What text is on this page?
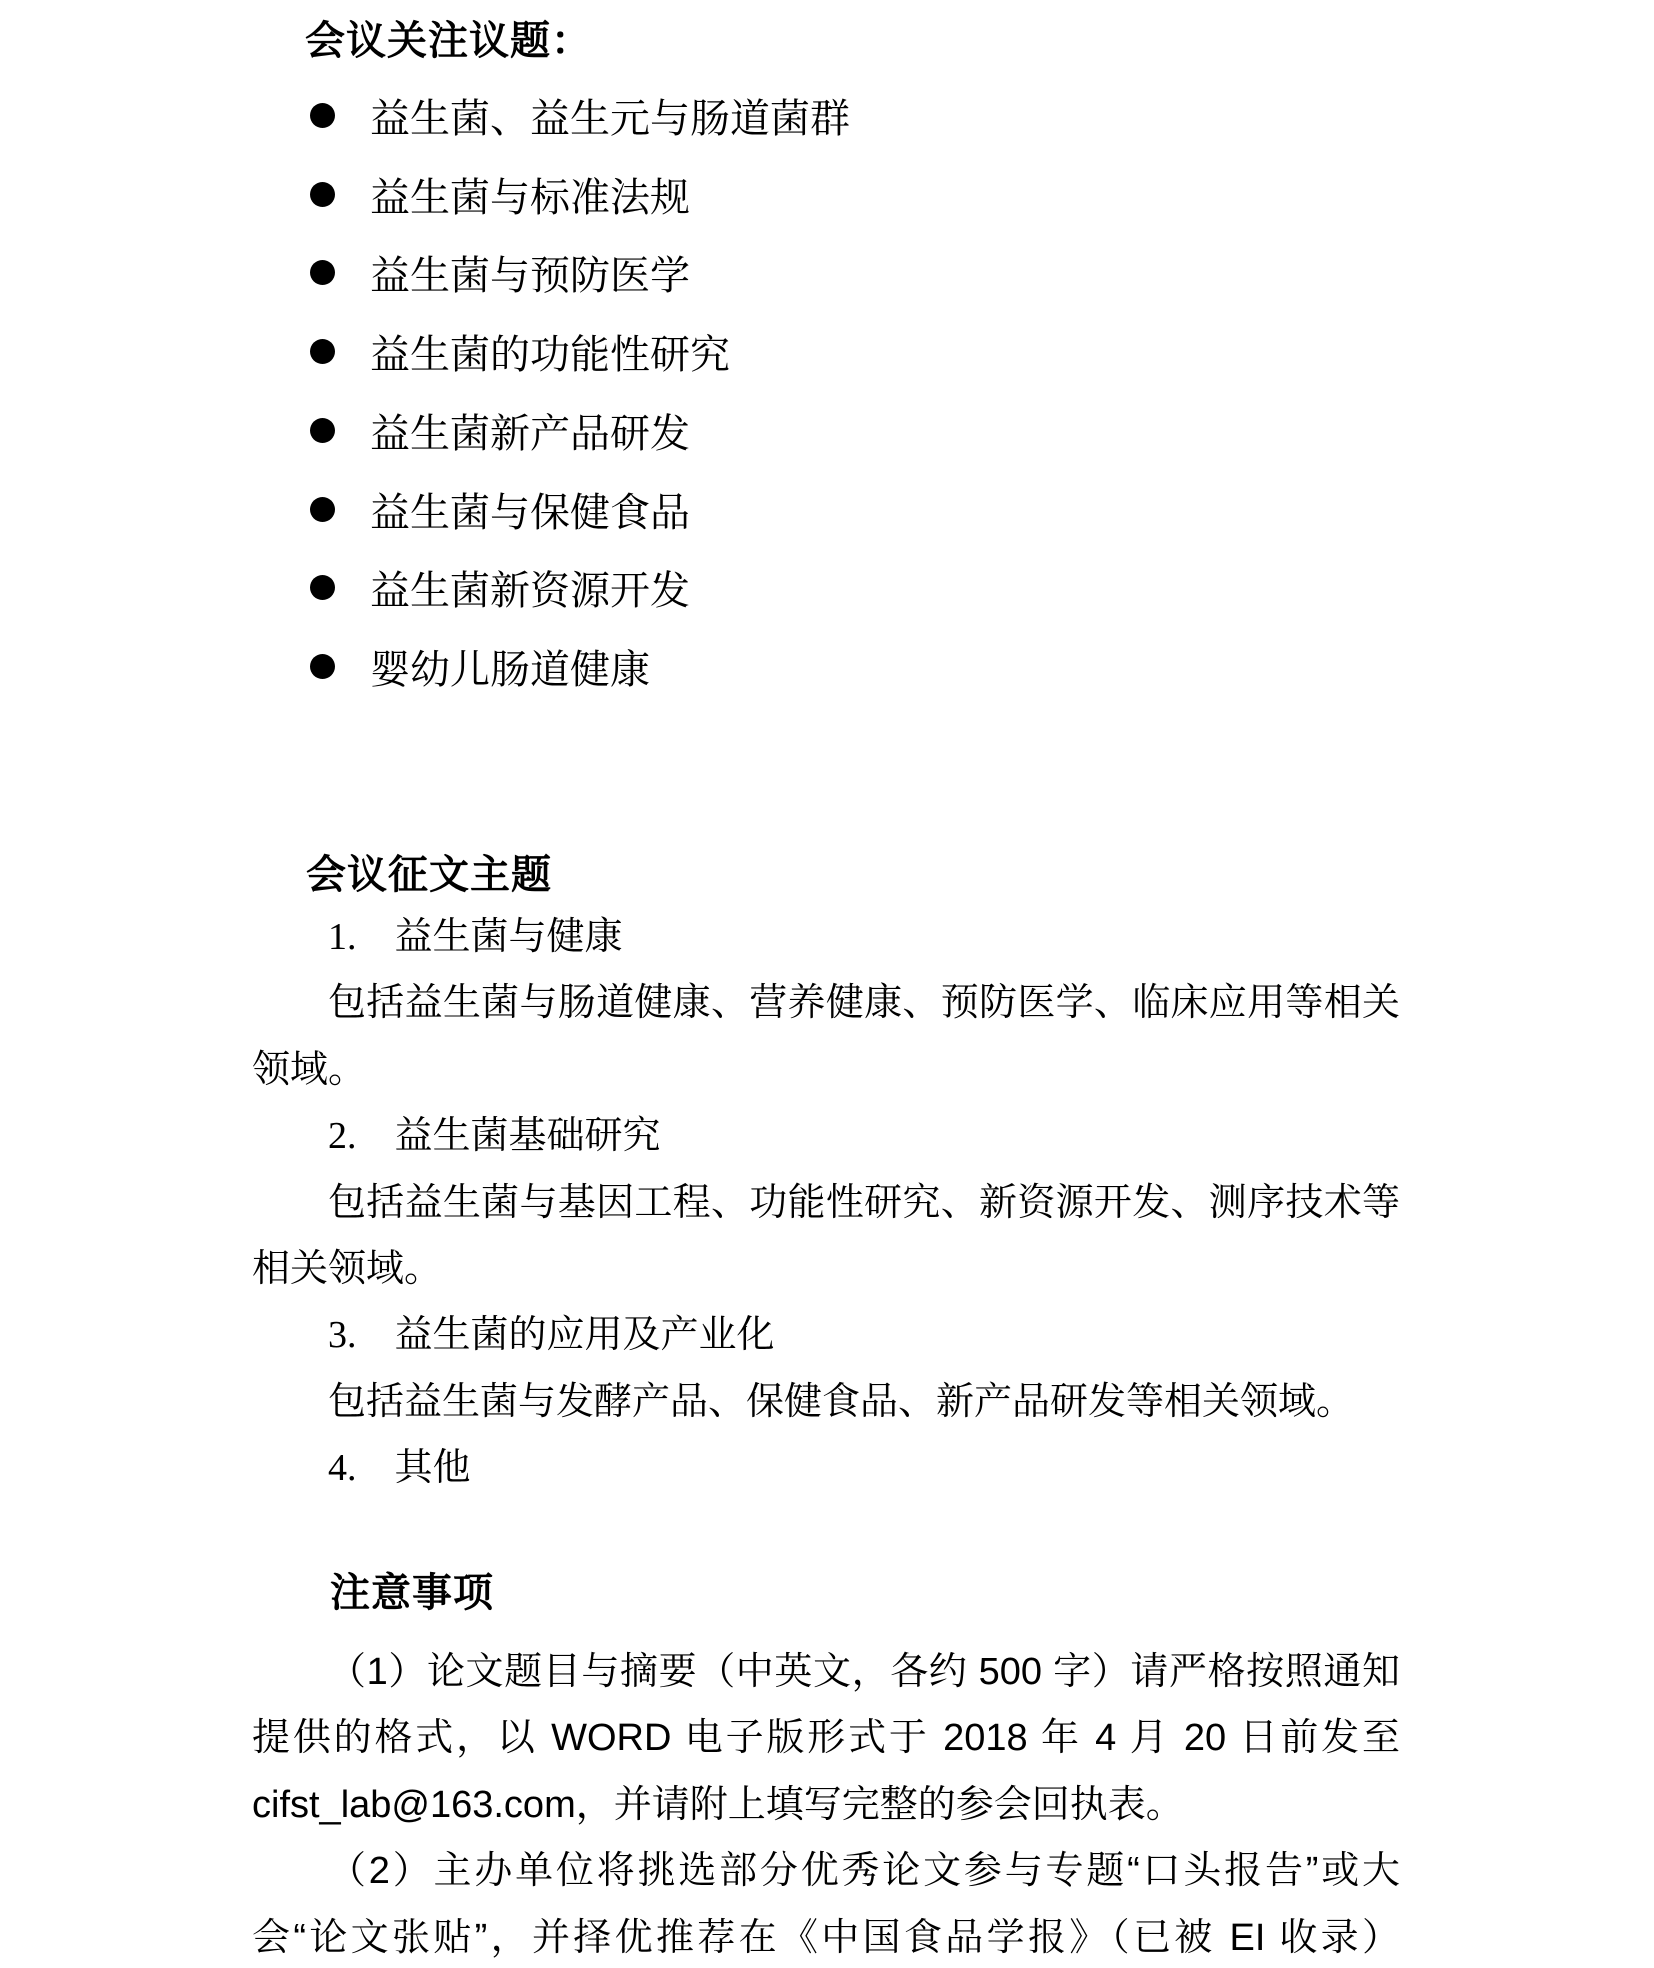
会议关注议题：
益生菌、益生元与肠道菌群
益生菌与标准法规
益生菌与预防医学
益生菌的功能性研究
益生菌新产品研发
益生菌与保健食品
益生菌新资源开发
婴幼儿肠道健康
会议征文主题
1.　益生菌与健康
包括益生菌与肠道健康、营养健康、预防医学、临床应用等相关
领域。
2.　益生菌基础研究
包括益生菌与基因工程、功能性研究、新资源开发、测序技术等
相关领域。
3.　益生菌的应用及产业化
包括益生菌与发酵产品、保健食品、新产品研发等相关领域。
4.　其他
注意事项
（1）论文题目与摘要（中英文，各约 500 字）请严格按照通知
提供的格式，以 WORD 电子版形式于 2018 年 4 月 20 日前发至
cifst_lab@163.com，并请附上填写完整的参会回执表。
（2）主办单位将挑选部分优秀论文参与专题“口头报告”或大
会“论文张贴”，并择优推荐在《中国食品学报》（已被 EI 收录）
